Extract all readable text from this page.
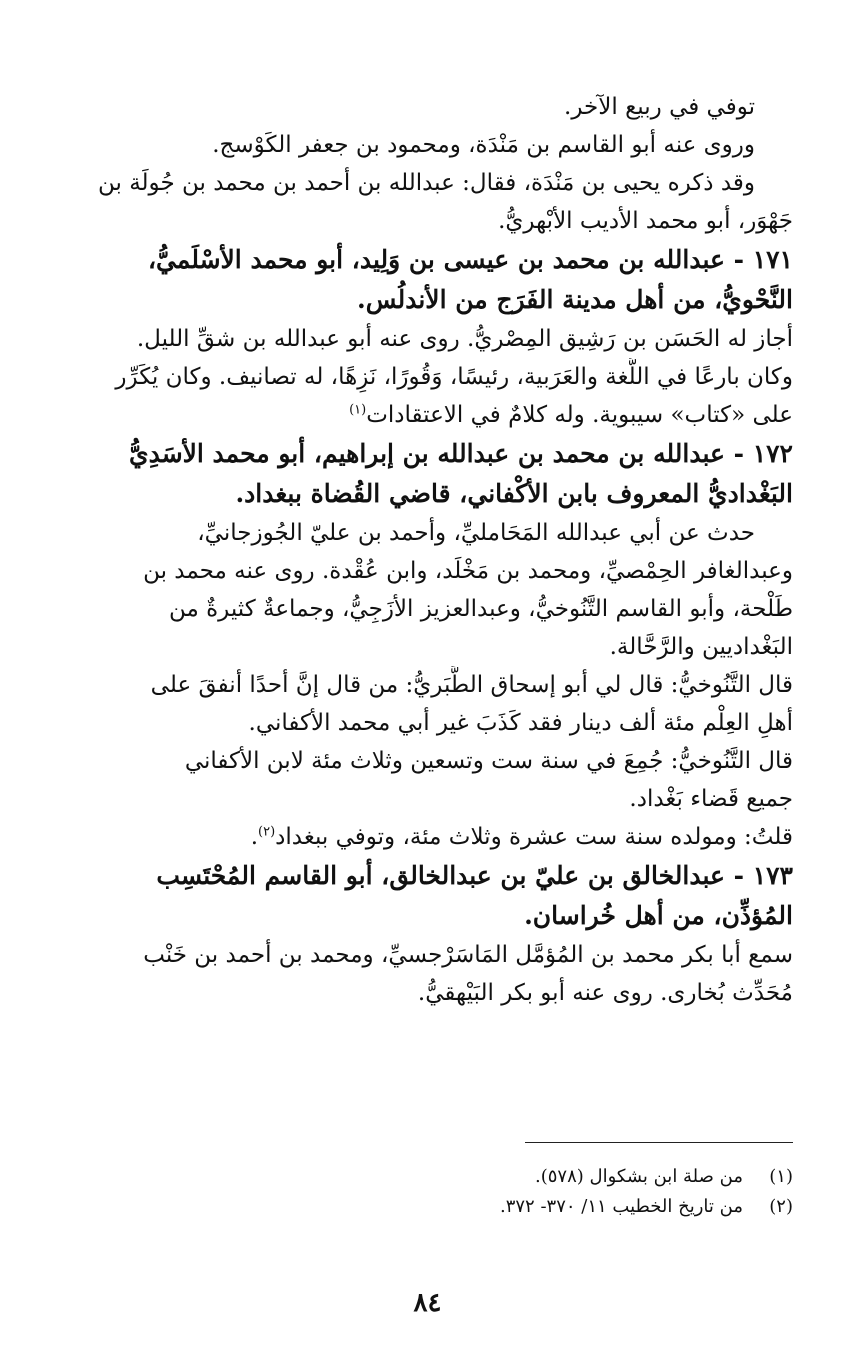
توفي في ربيع الآخر.

وروى عنه أبو القاسم بن مَنْدَة، ومحمود بن جعفر الكَوْسج.

وقد ذكره يحيى بن مَنْدَة، فقال: عبدالله بن أحمد بن محمد بن جُولَة بن

جَهْوَر، أبو محمد الأديب الأبْهريُّ.

١٧١ - عبدالله بن محمد بن عيسى بن وَلِيد، أبو محمد الأسْلَميُّ،

النَّحْويُّ، من أهل مدينة الفَرَج من الأندلُس.

أجاز له الحَسَن بن رَشِيق المِصْريُّ. روى عنه أبو عبدالله بن شقِّ الليل.

وكان بارعًا في اللُّغة والعَرَبية، رئيسًا، وَقُورًا، نَزِهًا، له تصانيف. وكان يُكَرِّر

على «كتاب» سيبوية. وله كلامٌ في الاعتقادات$^{(١)}$

١٧٢ - عبدالله بن محمد بن عبدالله بن إبراهيم، أبو محمد الأسَدِيُّ

البَغْداديُّ المعروف بابن الأكْفاني، قاضي القُضاة ببغداد.

حدث عن أبي عبدالله المَحَامليِّ، وأحمد بن عليّ الجُوزجانيِّ،

وعبدالغافر الحِمْصيِّ، ومحمد بن مَخْلَد، وابن عُقْدة. روى عنه محمد بن

طَلْحة، وأبو القاسم التَّنُوخيُّ، وعبدالعزيز الأزَجِيُّ، وجماعةٌ كثيرةٌ من

البَغْداديين والرَّحَّالة.

قال التَّنُوخيُّ: قال لي أبو إسحاق الطَّبَريُّ: من قال إنَّ أحدًا أنفقَ على

أهلِ العِلْم مئة ألف دينار فقد كَذَبَ غير أبي محمد الأكفاني.

قال التَّنُوخيُّ: جُمِعَ في سنة ست وتسعين وثلاث مئة لابن الأكفاني

جميع قَضاء بَغْداد.

قلتُ: ومولده سنة ست عشرة وثلاث مئة، وتوفي ببغداد$^{(٢)}$.

١٧٣ - عبدالخالق بن عليّ بن عبدالخالق، أبو القاسم المُحْتَسِب

المُؤذِّن، من أهل خُراسان.

سمع أبا بكر محمد بن المُؤمَّل المَاسَرْجسيِّ، ومحمد بن أحمد بن خَنْب

مُحَدِّث بُخارى. روى عنه أبو بكر البَيْهقيُّ.

(١)من صلة ابن بشكوال (٥٧٨).

(٢)من تاريخ الخطيب ١١/ ٣٧٠- ٣٧٢.

٨٤
